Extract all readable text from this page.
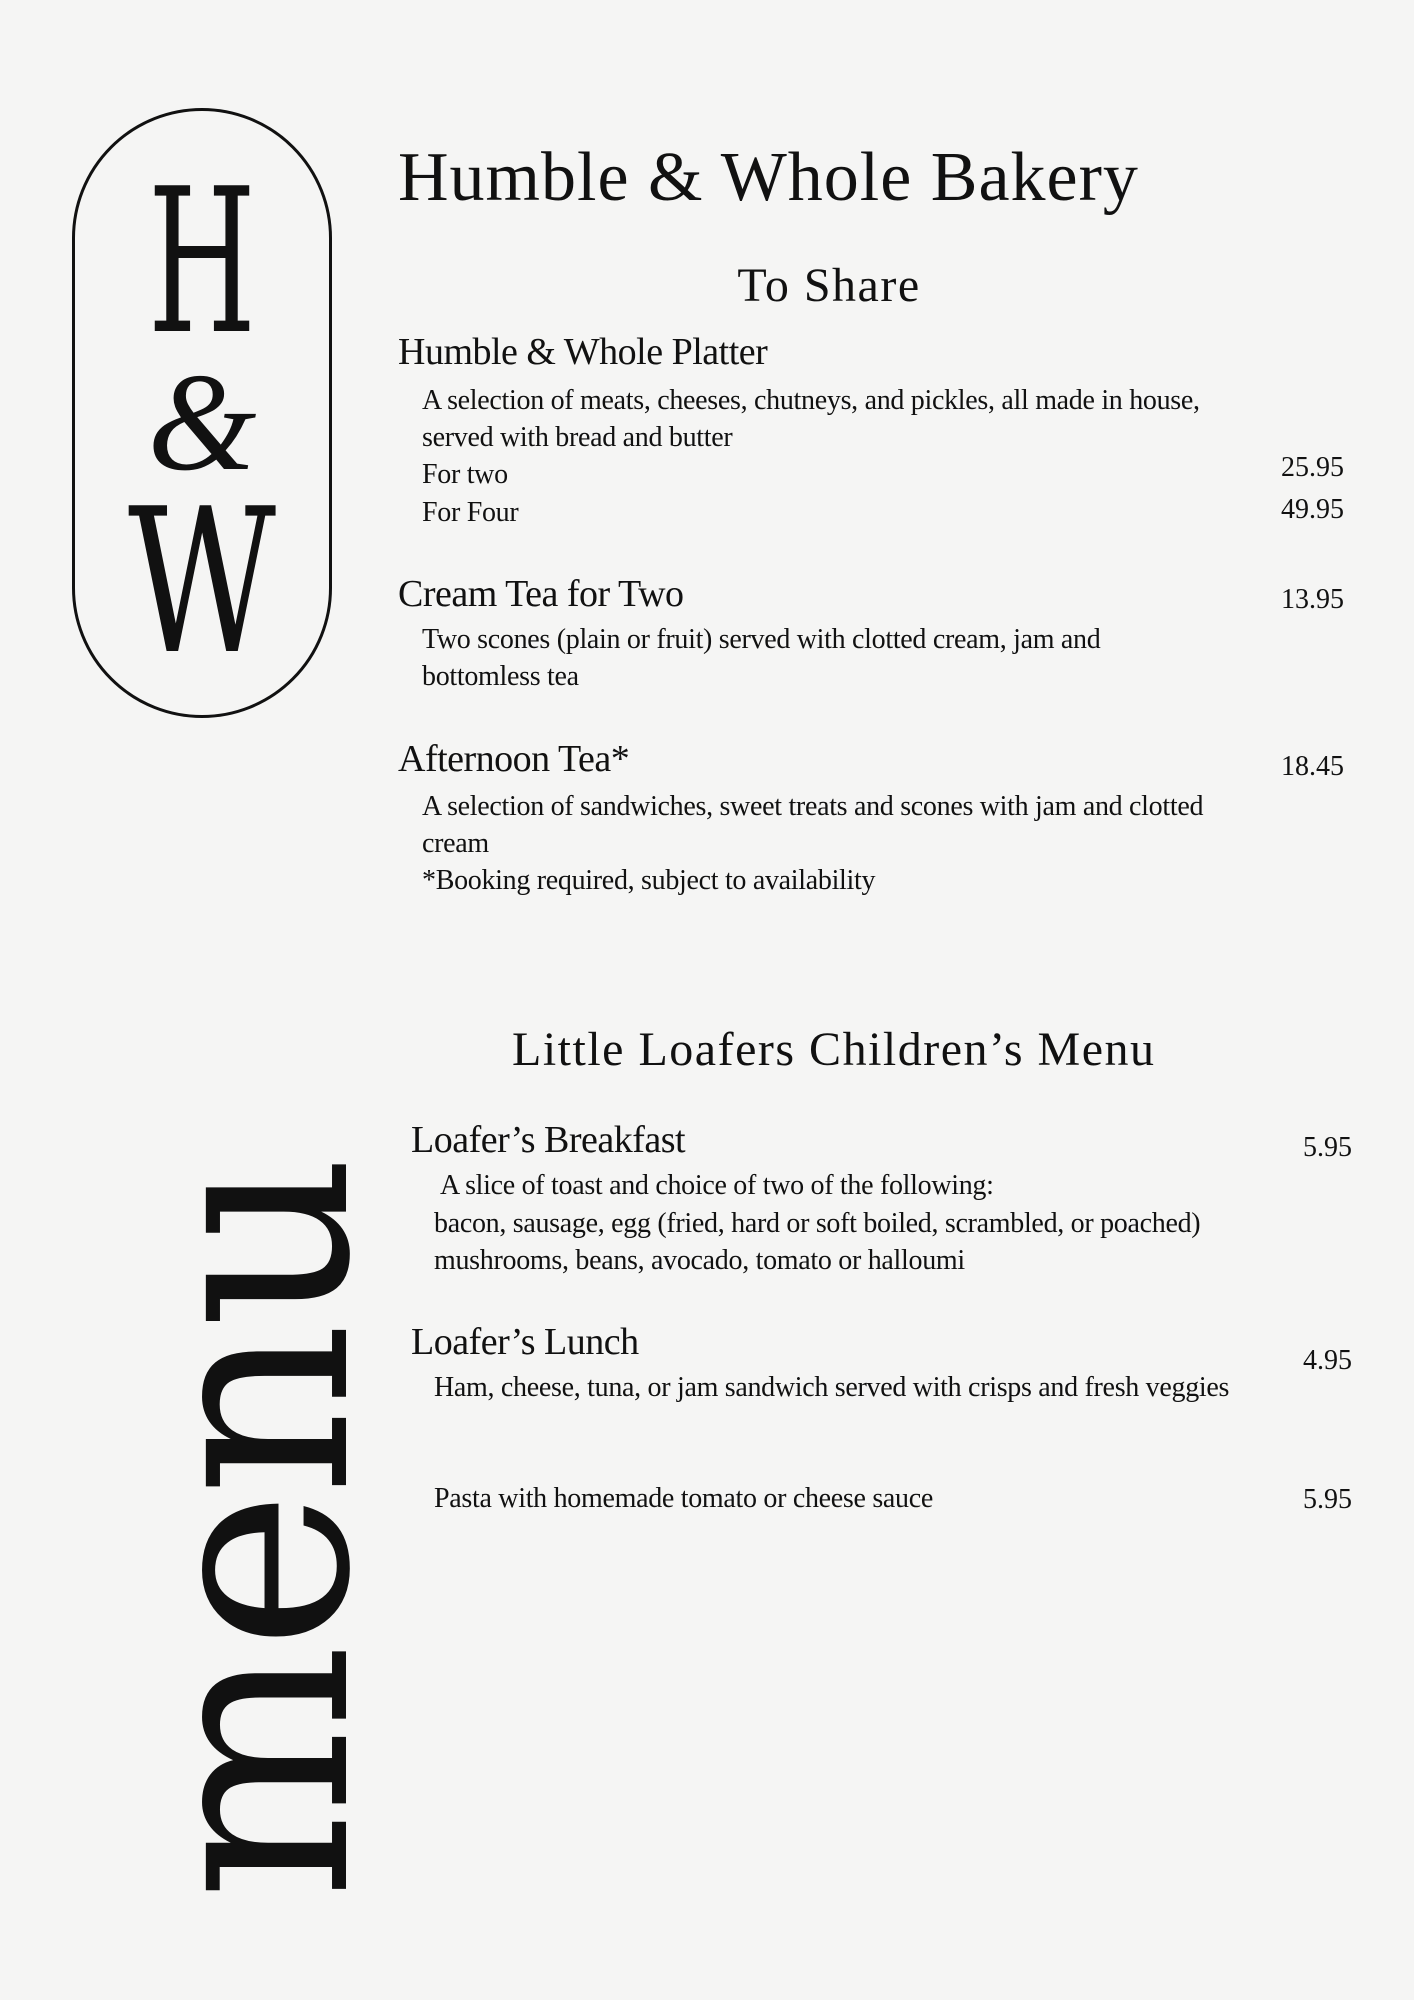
H
&
W
menu
Humble & Whole Bakery
To Share
Humble & Whole Platter
A selection of meats, cheeses, chutneys, and pickles, all made in house, served with bread and butter
For two	25.95
For Four	49.95
Cream Tea for Two	13.95
Two scones (plain or fruit) served with clotted cream, jam and bottomless tea
Afternoon Tea*	18.45
A selection of sandwiches, sweet treats and scones with jam and clotted cream
*Booking required, subject to availability
Little Loafers Children’s Menu
Loafer’s Breakfast	5.95
A slice of toast and choice of two of the following:
bacon, sausage, egg (fried, hard or soft boiled, scrambled, or poached)
mushrooms, beans, avocado, tomato or halloumi
Loafer’s Lunch	4.95
Ham, cheese, tuna, or jam sandwich served with crisps and fresh veggies
Pasta with homemade tomato or cheese sauce	5.95
